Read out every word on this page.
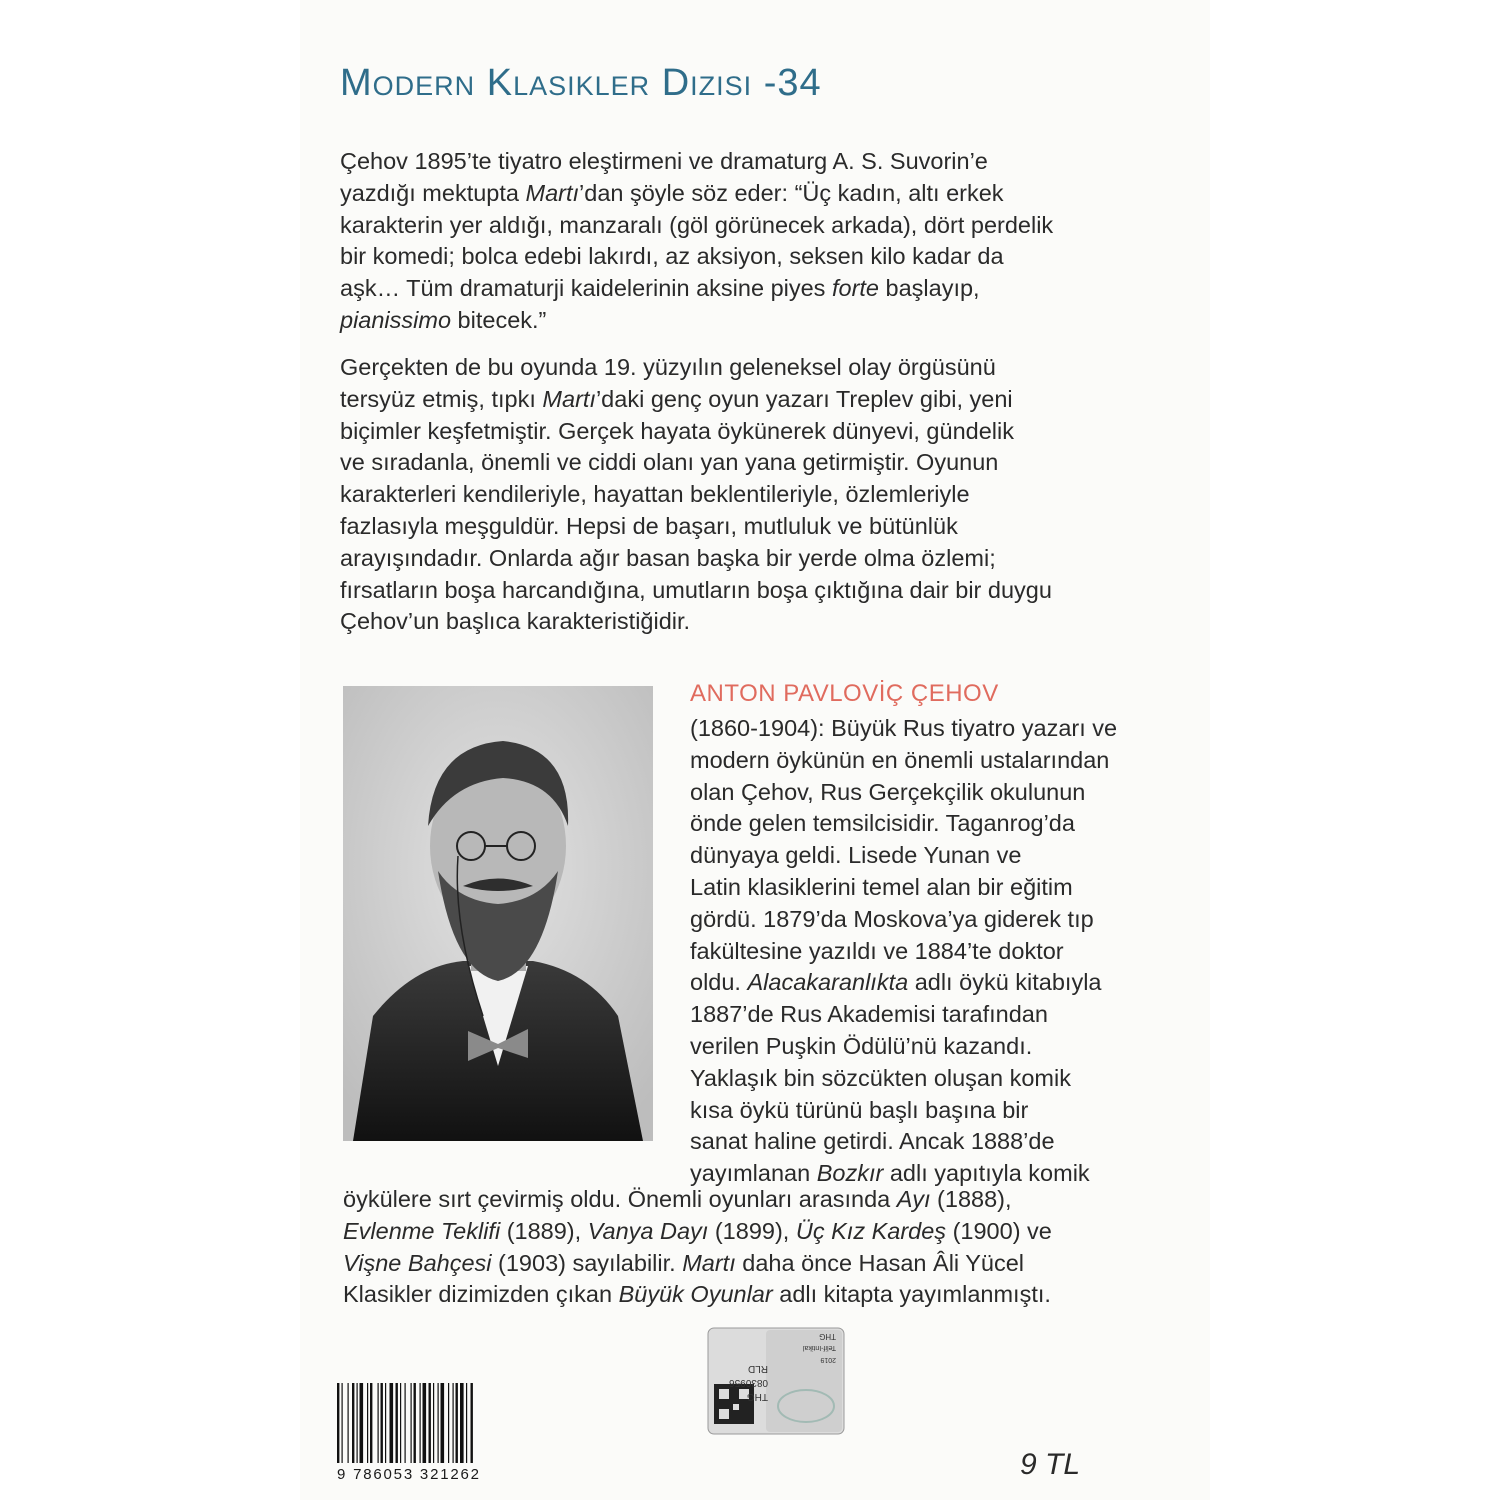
Modern Klasikler Dizisi -34
Çehov 1895’te tiyatro eleştirmeni ve dramaturg A. S. Suvorin’e
yazdığı mektupta Martı’dan şöyle söz eder: “Üç kadın, altı erkek
karakterin yer aldığı, manzaralı (göl görünecek arkada), dört perdelik
bir komedi; bolca edebi lakırdı, az aksiyon, seksen kilo kadar da
aşk… Tüm dramaturji kaidelerinin aksine piyes forte başlayıp,
pianissimo bitecek.”
Gerçekten de bu oyunda 19. yüzyılın geleneksel olay örgüsünü
tersyüz etmiş, tıpkı Martı’daki genç oyun yazarı Treplev gibi, yeni
biçimler keşfetmiştir. Gerçek hayata öykünerek dünyevi, gündelik
ve sıradanla, önemli ve ciddi olanı yan yana getirmiştir. Oyunun
karakterleri kendileriyle, hayattan beklentileriyle, özlemleriyle
fazlasıyla meşguldür. Hepsi de başarı, mutluluk ve bütünlük
arayışındadır. Onlarda ağır basan başka bir yerde olma özlemi;
fırsatların boşa harcandığına, umutların boşa çıktığına dair bir duygu
Çehov’un başlıca karakteristiğidir.
ANTON PAVLOVİÇ ÇEHOV
(1860-1904): Büyük Rus tiyatro yazarı ve
modern öykünün en önemli ustalarından
olan Çehov, Rus Gerçekçilik okulunun
önde gelen temsilcisidir. Taganrog’da
dünyaya geldi. Lisede Yunan ve
Latin klasiklerini temel alan bir eğitim
gördü. 1879’da Moskova’ya giderek tıp
fakültesine yazıldı ve 1884’te doktor
oldu. Alacakaranlıkta adlı öykü kitabıyla
1887’de Rus Akademisi tarafından
verilen Puşkin Ödülü’nü kazandı.
Yaklaşık bin sözcükten oluşan komik
kısa öykü türünü başlı başına bir
sanat haline getirdi. Ancak 1888’de
yayımlanan Bozkır adlı yapıtıyla komik
öykülere sırt çevirmiş oldu. Önemli oyunları arasında Ayı (1888),
Evlenme Teklifi (1889), Vanya Dayı (1899), Üç Kız Kardeş (1900) ve
Vişne Bahçesi (1903) sayılabilir. Martı daha önce Hasan Âli Yücel
Klasikler dizimizden çıkan Büyük Oyunlar adlı kitapta yayımlanmıştı.
9 786053 321262
THG
0830956
RLD
Telif-Intikal
2019
THG
9 TL
